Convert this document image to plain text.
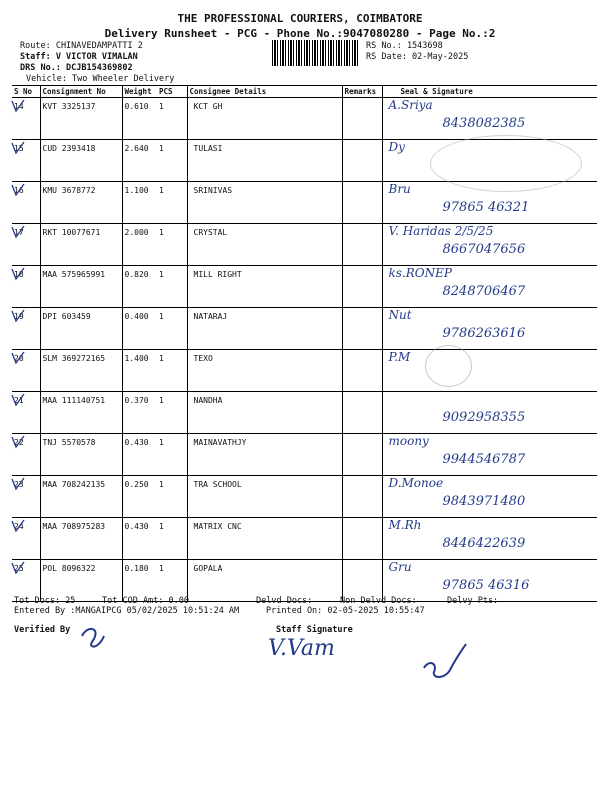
THE PROFESSIONAL COURIERS, COIMBATORE
Delivery Runsheet - PCG - Phone No.:9047080280 - Page No.:2
Route: CHINAVEDAMPATTI 2
Staff: V VICTOR VIMALAN
DRS No.: DCJB154369802
Vehicle: Two Wheeler Delivery
RS No.: 1543698
RS Date: 02-May-2025
S No	Consignment No	Weight	PCS	Consignee Details	Remarks	Seal & Signature
14	KVT 3325137	0.610	1	KCT GH		A.Sriya
8438082385

15	CUD 2393418	2.640	1	TULASI		Dy

16	KMU 3678772	1.100	1	SRINIVAS		Bru
97865 46321

17	RKT 10077671	2.000	1	CRYSTAL		V. Haridas 2/5/25
8667047656

18	MAA 575965991	0.820	1	MILL RIGHT		ks.RONEP
8248706467

19	DPI 603459	0.400	1	NATARAJ		Nut
9786263616

20	SLM 369272165	1.400	1	TEXO		P.M

21	MAA 111140751	0.370	1	NANDHA		9092958355

22	TNJ 5570578	0.430	1	MAINAVATHJY		moony
9944546787

23	MAA 708242135	0.250	1	TRA SCHOOL		D.Monoe
9843971480

24	MAA 708975283	0.430	1	MATRIX CNC		M.Rh
8446422639

25	POL 8096322	0.180	1	GOPALA		Gru
97865 46316
Tot Docs: 25	Tot COD Amt: 0.00	Delvd Docs:	Non Delvd Docs:	Delvy Pts:
Entered By :MANGAIPCG 05/02/2025 10:51:24 AM	Printed On: 02-05-2025 10:55:47
Verified By	Staff Signature
V.Vam
